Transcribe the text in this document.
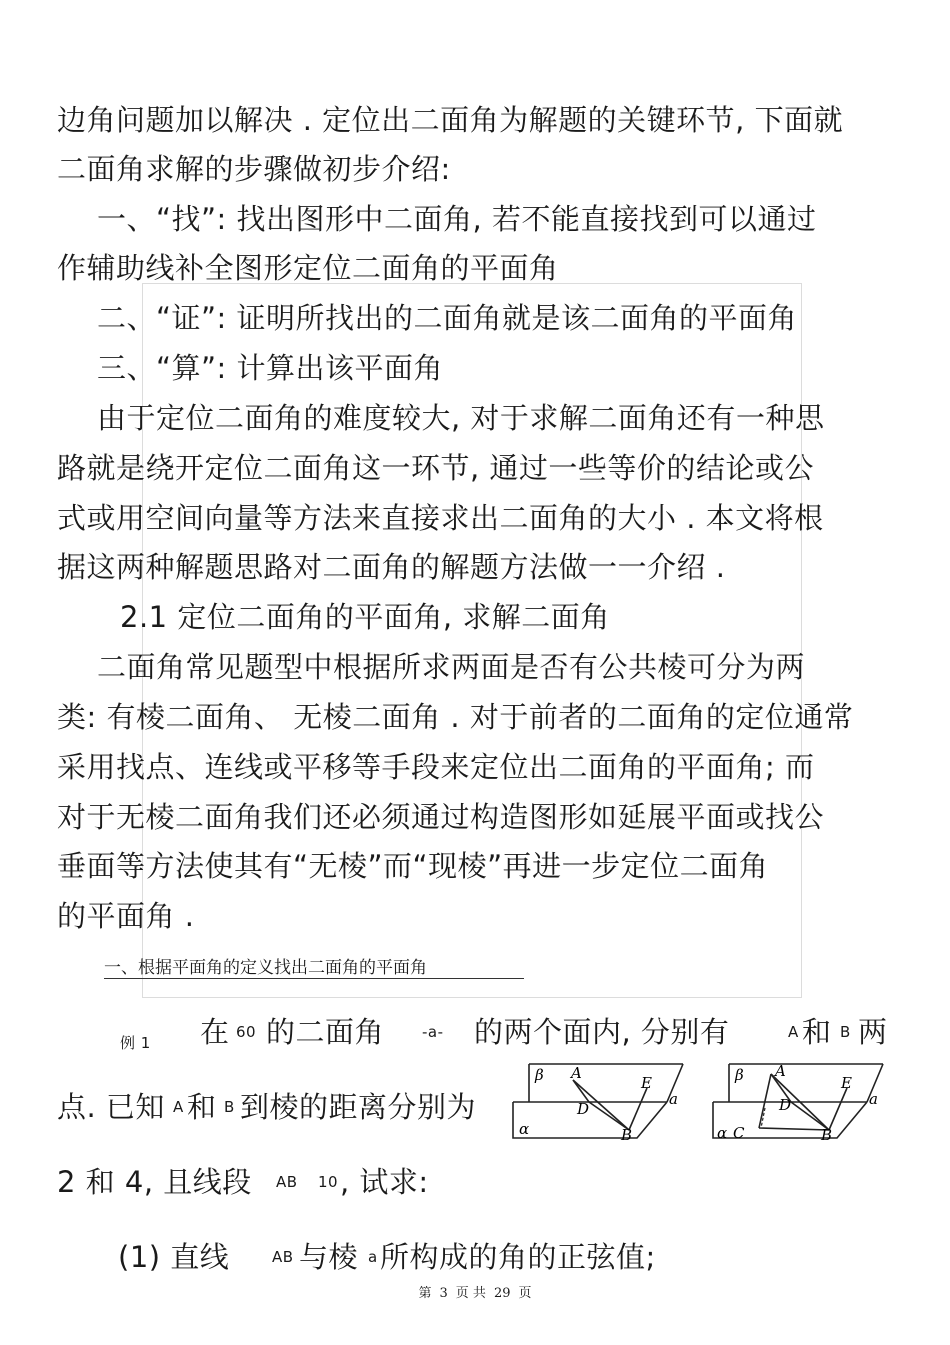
边角问题加以解决 . 定位出二面角为解题的关键环节, 下面就
二面角求解的步骤做初步介绍:
一、“找”: 找出图形中二面角, 若不能直接找到可以通过
作辅助线补全图形定位二面角的平面角
二、“证”: 证明所找出的二面角就是该二面角的平面角
三、“算”: 计算出该平面角
由于定位二面角的难度较大, 对于求解二面角还有一种思
路就是绕开定位二面角这一环节, 通过一些等价的结论或公
式或用空间向量等方法来直接求出二面角的大小 . 本文将根
据这两种解题思路对二面角的解题方法做一一介绍 .
2.1 定位二面角的平面角, 求解二面角
二面角常见题型中根据所求两面是否有公共棱可分为两
类: 有棱二面角、 无棱二面角 . 对于前者的二面角的定位通常
采用找点、连线或平移等手段来定位出二面角的平面角; 而
对于无棱二面角我们还必须通过构造图形如延展平面或找公
垂面等方法使其有“无棱”而“现棱”再进一步定位二面角
的平面角 .
一、根据平面角的定义找出二面角的平面角
例 1 在 60 的二面角	-a- 的两个面内, 分别有	A 和 B 两
点. 已知 A 和 B 到棱的距离分别为
2 和 4, 且线段 AB 10 , 试求:
(1) 直线	AB 与棱 a 所构成的角的正弦值;
β
α
A
D
E
a
B
β
α C
A
D
E
a
B
第 3 页 共 29 页
